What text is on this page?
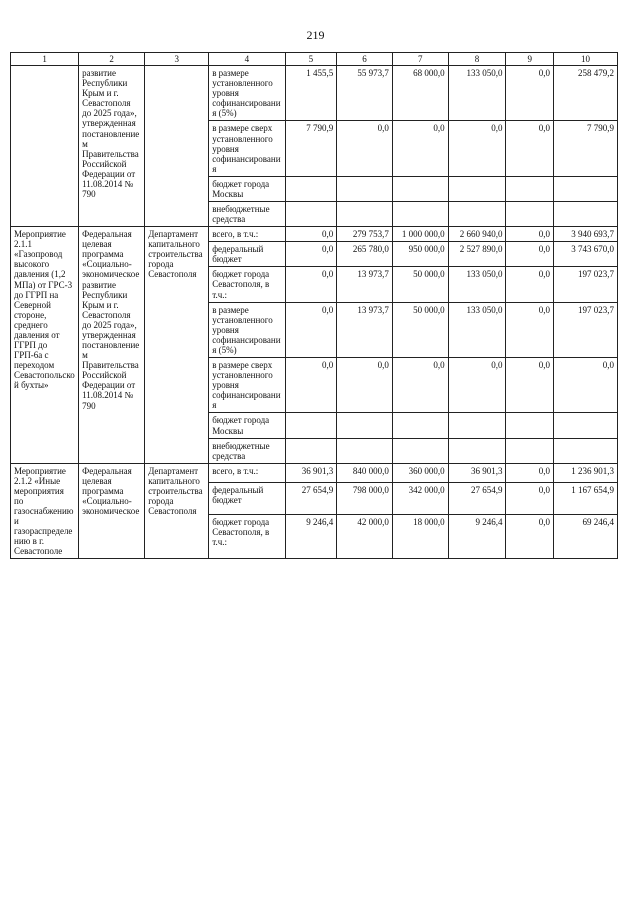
219
1	2	3	4	5	6	7	8	9	10
	развитие Республики Крым и г. Севастополя до 2025 года», утвержденная постановлением Правительства Российской Федерации от 11.08.2014 № 790		в размере установленного уровня софинансирования (5%)	1 455,5	55 973,7	68 000,0	133 050,0	0,0	258 479,2
			в размере сверх установленного уровня софинансирования	7 790,9	0,0	0,0	0,0	0,0	7 790,9
			бюджет города Москвы						
			внебюджетные средства						
Мероприятие 2.1.1 «Газопровод высокого давления (1,2 МПа) от ГРС-3 до ГГРП на Северной стороне, среднего давления от ГГРП до ГРП-6а с переходом Севастопольской бухты»	Федеральная целевая программа «Социально-экономическое развитие Республики Крым и г. Севастополя до 2025 года», утвержденная постановлением Правительства Российской Федерации от 11.08.2014 № 790	Департамент капитального строительства города Севастополя	всего, в т.ч.:	0,0	279 753,7	1 000 000,0	2 660 940,0	0,0	3 940 693,7
			федеральный бюджет	0,0	265 780,0	950 000,0	2 527 890,0	0,0	3 743 670,0
			бюджет города Севастополя, в т.ч.:	0,0	13 973,7	50 000,0	133 050,0	0,0	197 023,7
			в размере установленного уровня софинансирования (5%)	0,0	13 973,7	50 000,0	133 050,0	0,0	197 023,7
			в размере сверх установленного уровня софинансирования	0,0	0,0	0,0	0,0	0,0	0,0
			бюджет города Москвы						
			внебюджетные средства						
Мероприятие 2.1.2 «Иные мероприятия по газоснабжению и газораспределению в г. Севастополе	Федеральная целевая программа «Социально-экономическое	Департамент капитального строительства города Севастополя	всего, в т.ч.:	36 901,3	840 000,0	360 000,0	36 901,3	0,0	1 236 901,3
			федеральный бюджет	27 654,9	798 000,0	342 000,0	27 654,9	0,0	1 167 654,9
			бюджет города Севастополя, в т.ч.:	9 246,4	42 000,0	18 000,0	9 246,4	0,0	69 246,4
